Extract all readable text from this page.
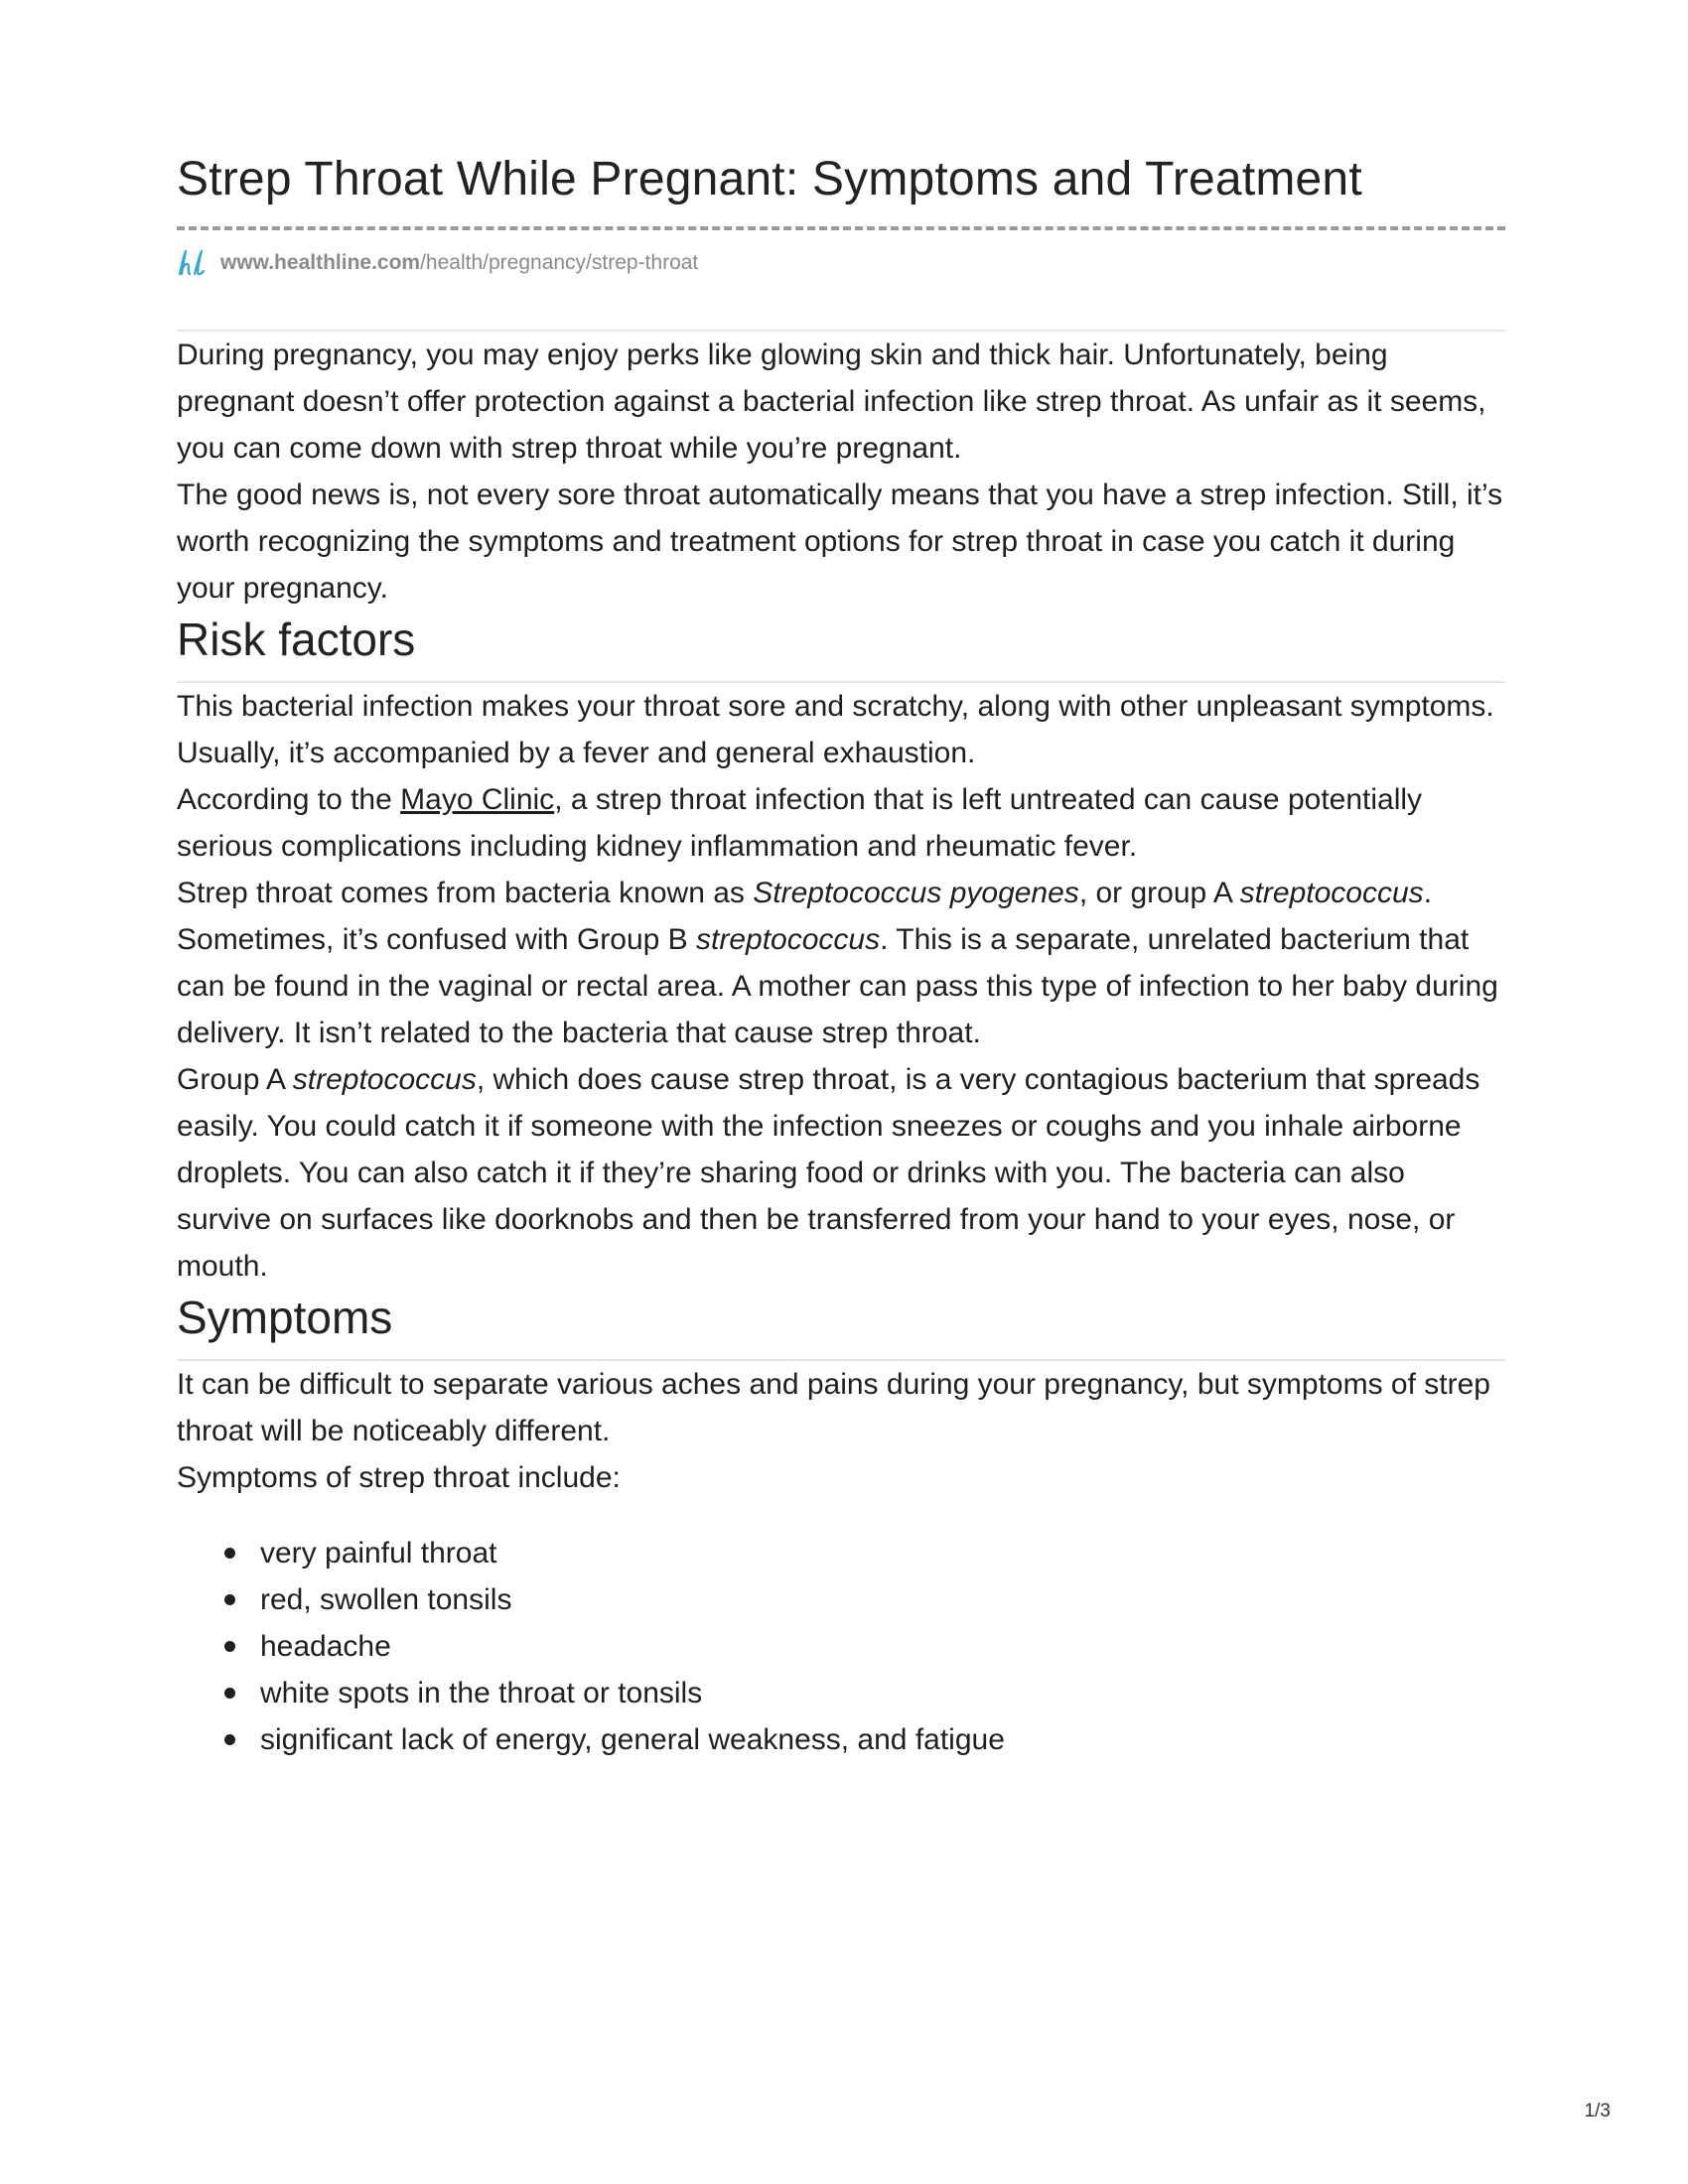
Strep Throat While Pregnant: Symptoms and Treatment
www.healthline.com /health/pregnancy/strep-throat

During pregnancy, you may enjoy perks like glowing skin and thick hair. Unfortunately, being pregnant doesn’t offer protection against a bacterial infection like strep throat. As unfair as it seems, you can come down with strep throat while you’re pregnant.

The good news is, not every sore throat automatically means that you have a strep infection. Still, it’s worth recognizing the symptoms and treatment options for strep throat in case you catch it during your pregnancy.

Risk factors

This bacterial infection makes your throat sore and scratchy, along with other unpleasant symptoms. Usually, it’s accompanied by a fever and general exhaustion.

According to the Mayo Clinic, a strep throat infection that is left untreated can cause potentially serious complications including kidney inflammation and rheumatic fever.

Strep throat comes from bacteria known as Streptococcus pyogenes, or group A streptococcus. Sometimes, it’s confused with Group B streptococcus. This is a separate, unrelated bacterium that can be found in the vaginal or rectal area. A mother can pass this type of infection to her baby during delivery. It isn’t related to the bacteria that cause strep throat.

Group A streptococcus, which does cause strep throat, is a very contagious bacterium that spreads easily. You could catch it if someone with the infection sneezes or coughs and you inhale airborne droplets. You can also catch it if they’re sharing food or drinks with you. The bacteria can also survive on surfaces like doorknobs and then be transferred from your hand to your eyes, nose, or mouth.

Symptoms

It can be difficult to separate various aches and pains during your pregnancy, but symptoms of strep throat will be noticeably different.

Symptoms of strep throat include:

very painful throat
red, swollen tonsils
headache
white spots in the throat or tonsils
significant lack of energy, general weakness, and fatigue
1/3
